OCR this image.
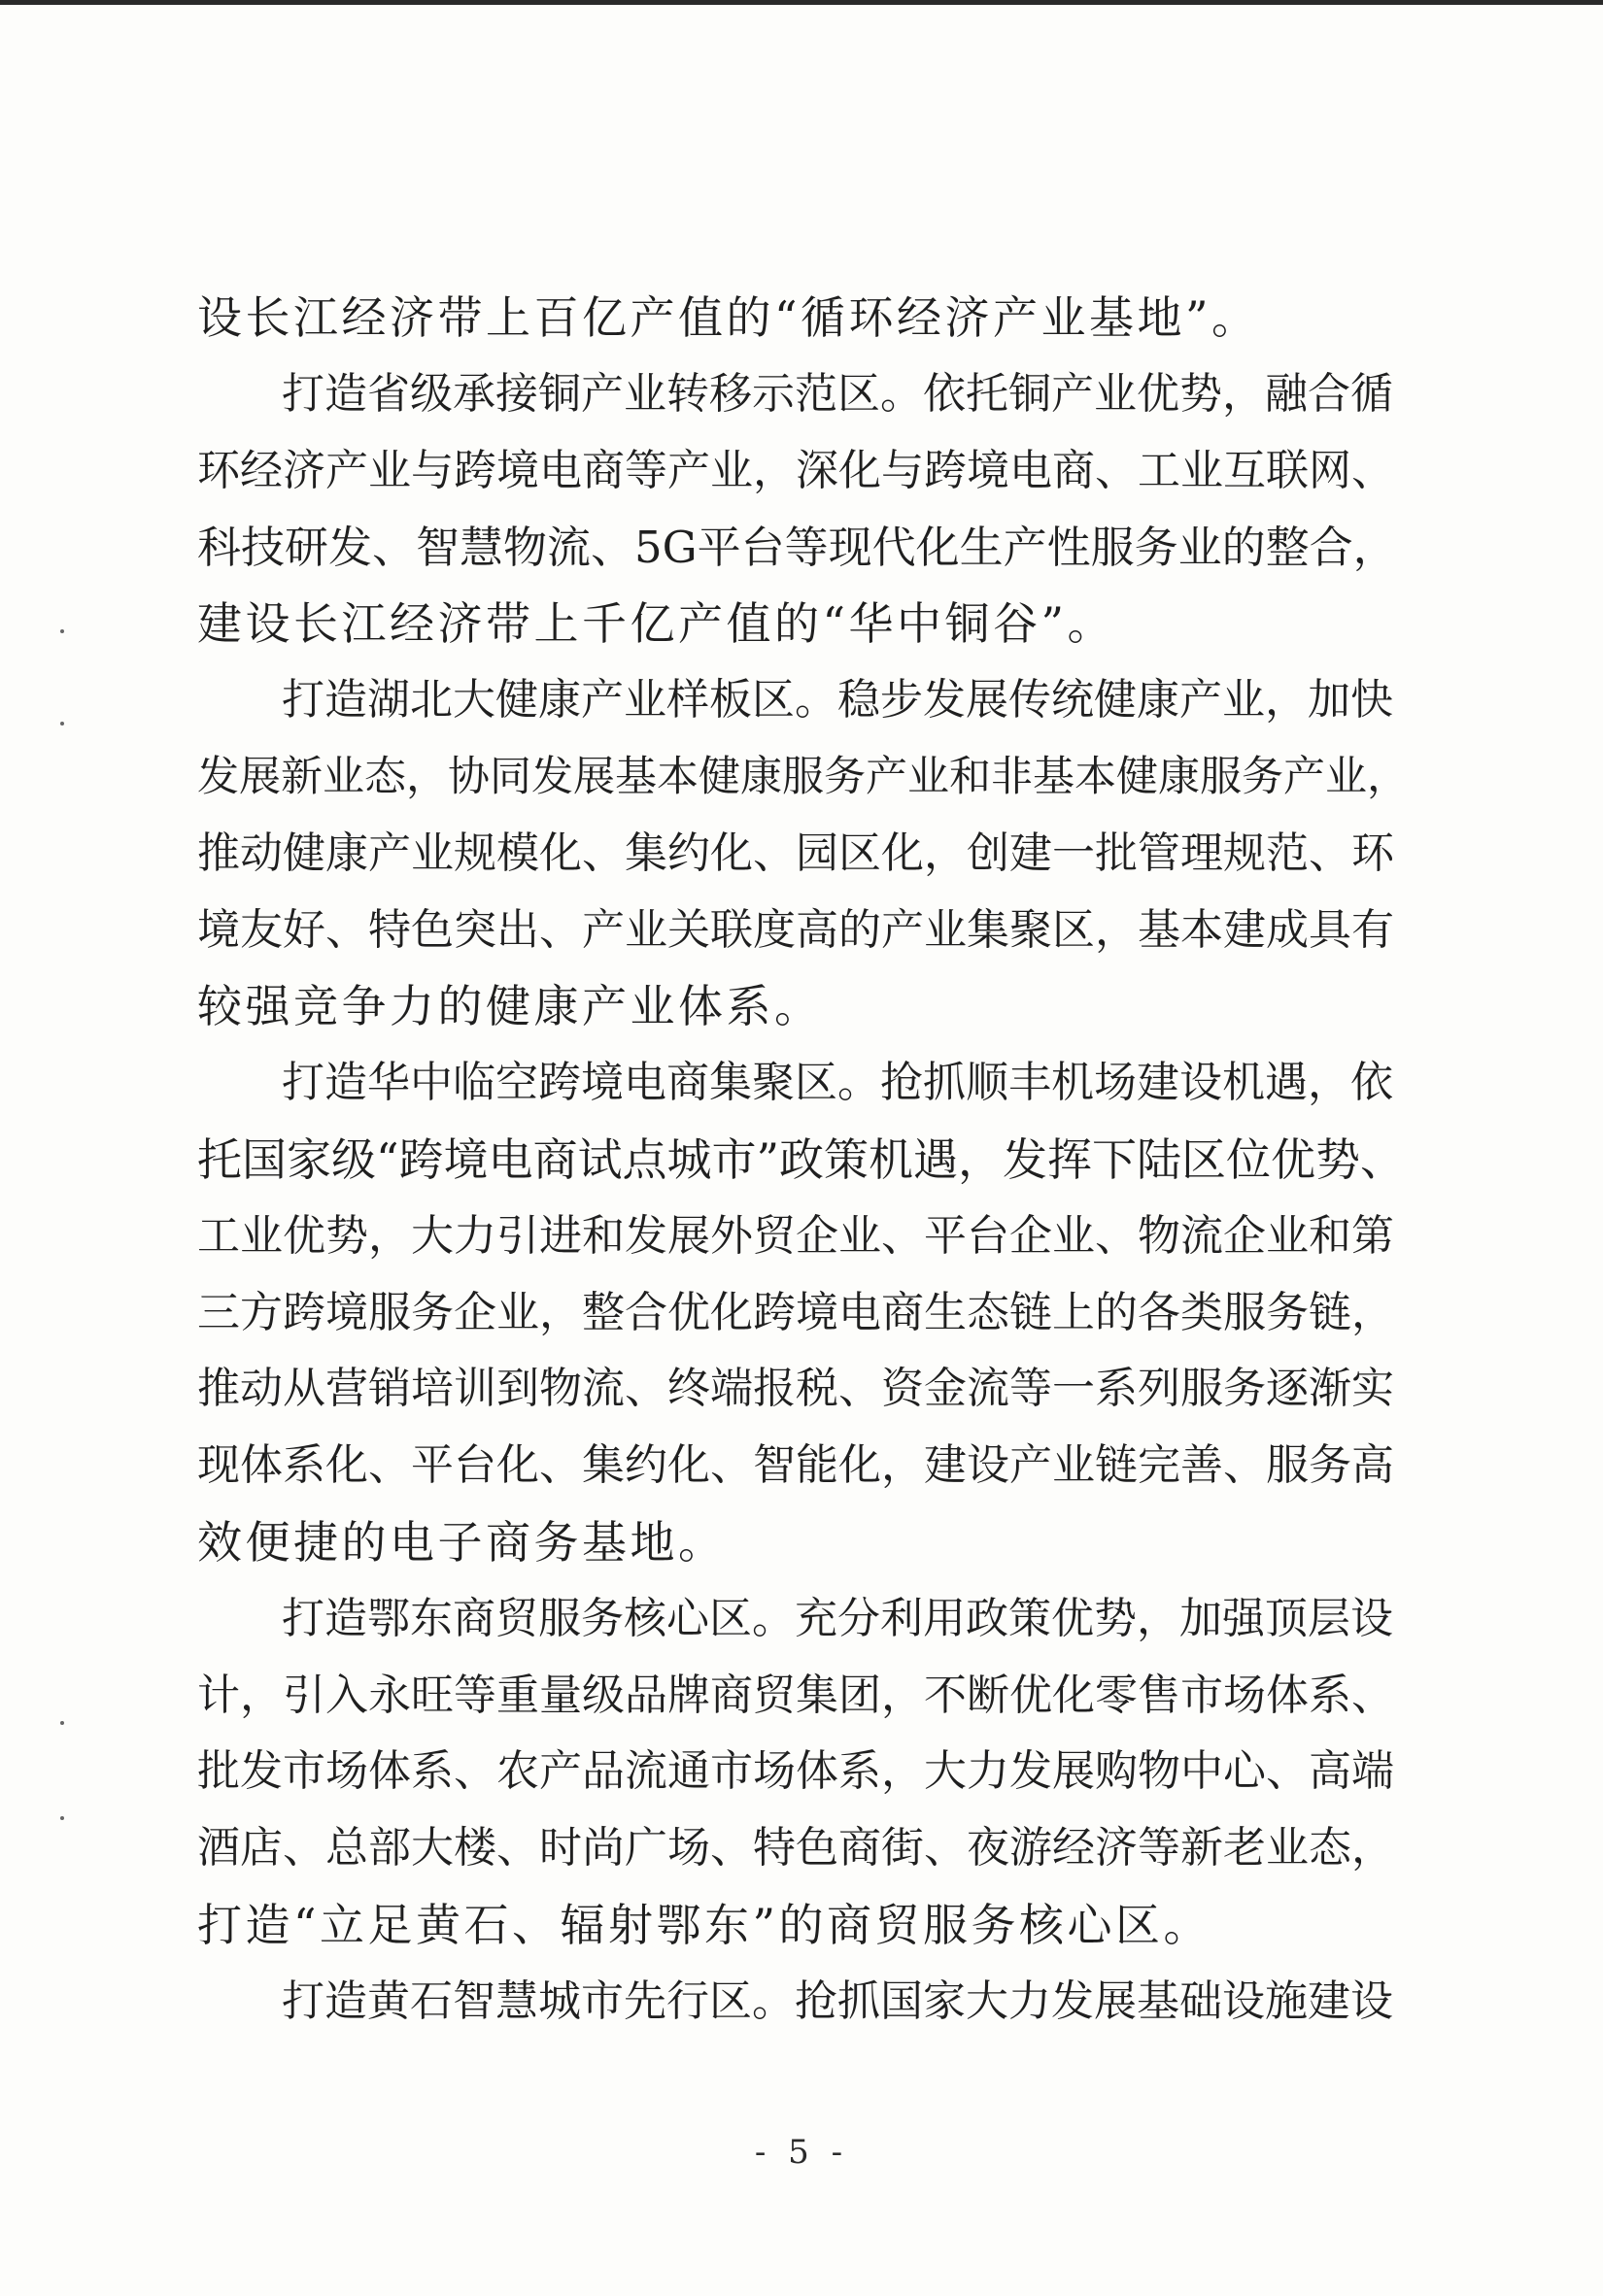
设长江经济带上百亿产值的“循环经济产业基地”。
打造省级承接铜产业转移示范区。依托铜产业优势，融合循
环经济产业与跨境电商等产业，深化与跨境电商、工业互联网、
科技研发、智慧物流、5G平台等现代化生产性服务业的整合，
建设长江经济带上千亿产值的“华中铜谷”。
打造湖北大健康产业样板区。稳步发展传统健康产业，加快
发展新业态，协同发展基本健康服务产业和非基本健康服务产业，
推动健康产业规模化、集约化、园区化，创建一批管理规范、环
境友好、特色突出、产业关联度高的产业集聚区，基本建成具有
较强竞争力的健康产业体系。
打造华中临空跨境电商集聚区。抢抓顺丰机场建设机遇，依
托国家级“跨境电商试点城市”政策机遇，发挥下陆区位优势、
工业优势，大力引进和发展外贸企业、平台企业、物流企业和第
三方跨境服务企业，整合优化跨境电商生态链上的各类服务链，
推动从营销培训到物流、终端报税、资金流等一系列服务逐渐实
现体系化、平台化、集约化、智能化，建设产业链完善、服务高
效便捷的电子商务基地。
打造鄂东商贸服务核心区。充分利用政策优势，加强顶层设
计，引入永旺等重量级品牌商贸集团，不断优化零售市场体系、
批发市场体系、农产品流通市场体系，大力发展购物中心、高端
酒店、总部大楼、时尚广场、特色商街、夜游经济等新老业态，
打造“立足黄石、辐射鄂东”的商贸服务核心区。
打造黄石智慧城市先行区。抢抓国家大力发展基础设施建设
- 5 -
